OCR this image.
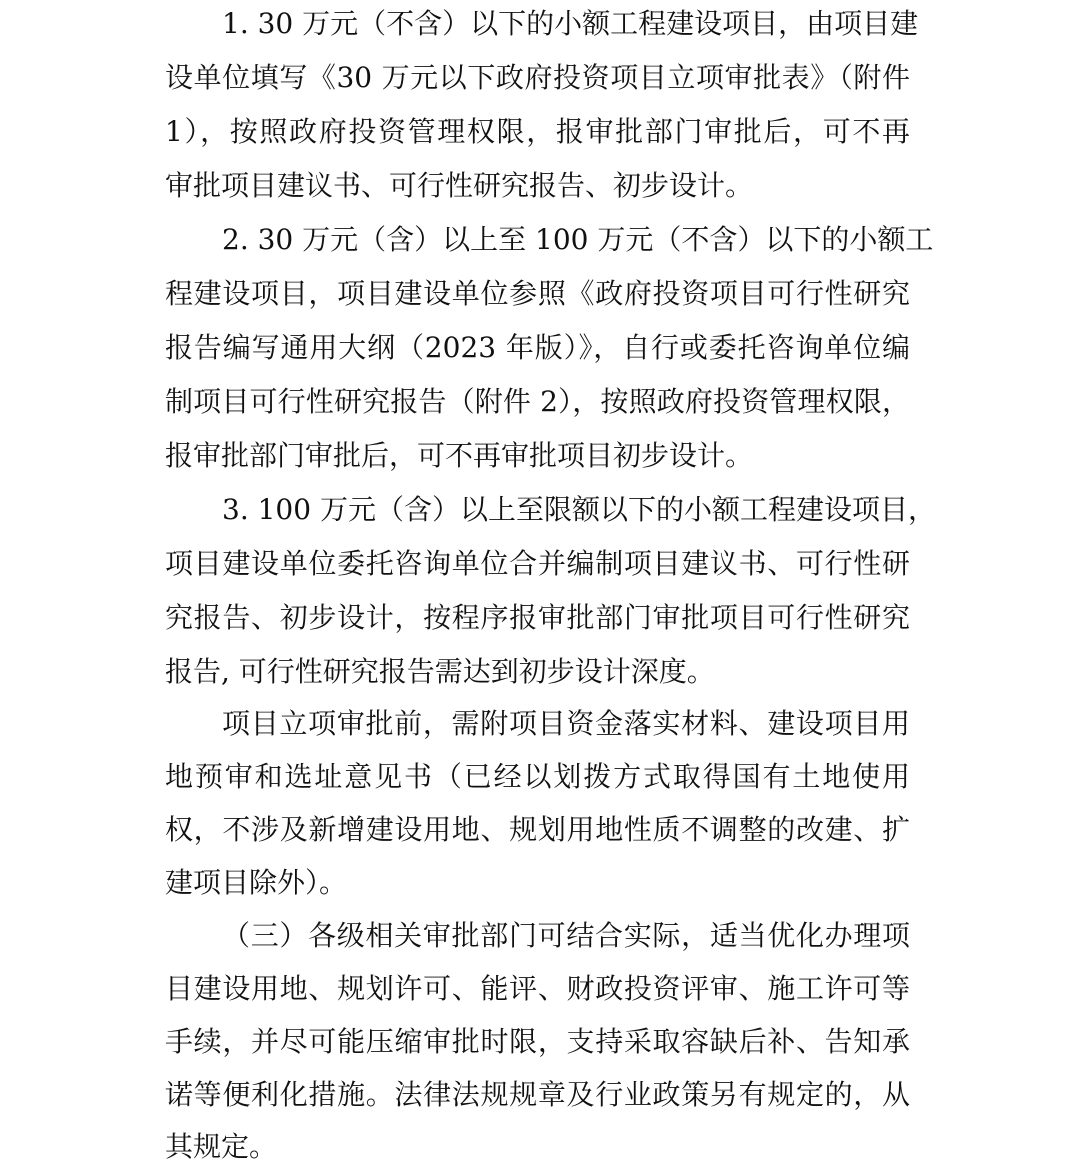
1. 30 万元（不含）以下的小额工程建设项目，由项目建
设单位填写《30 万元以下政府投资项目立项审批表》（附件
1），按照政府投资管理权限，报审批部门审批后，可不再
审批项目建议书、可行性研究报告、初步设计。
2. 30 万元（含）以上至 100 万元（不含）以下的小额工
程建设项目，项目建设单位参照《政府投资项目可行性研究
报告编写通用大纲（2023 年版）》，自行或委托咨询单位编
制项目可行性研究报告（附件 2），按照政府投资管理权限，
报审批部门审批后，可不再审批项目初步设计。
3. 100 万元（含）以上至限额以下的小额工程建设项目，
项目建设单位委托咨询单位合并编制项目建议书、可行性研
究报告、初步设计，按程序报审批部门审批项目可行性研究
报告, 可行性研究报告需达到初步设计深度。
项目立项审批前，需附项目资金落实材料、建设项目用
地预审和选址意见书（已经以划拨方式取得国有土地使用
权，不涉及新增建设用地、规划用地性质不调整的改建、扩
建项目除外）。
（三）各级相关审批部门可结合实际，适当优化办理项
目建设用地、规划许可、能评、财政投资评审、施工许可等
手续，并尽可能压缩审批时限，支持采取容缺后补、告知承
诺等便利化措施。法律法规规章及行业政策另有规定的，从
其规定。
